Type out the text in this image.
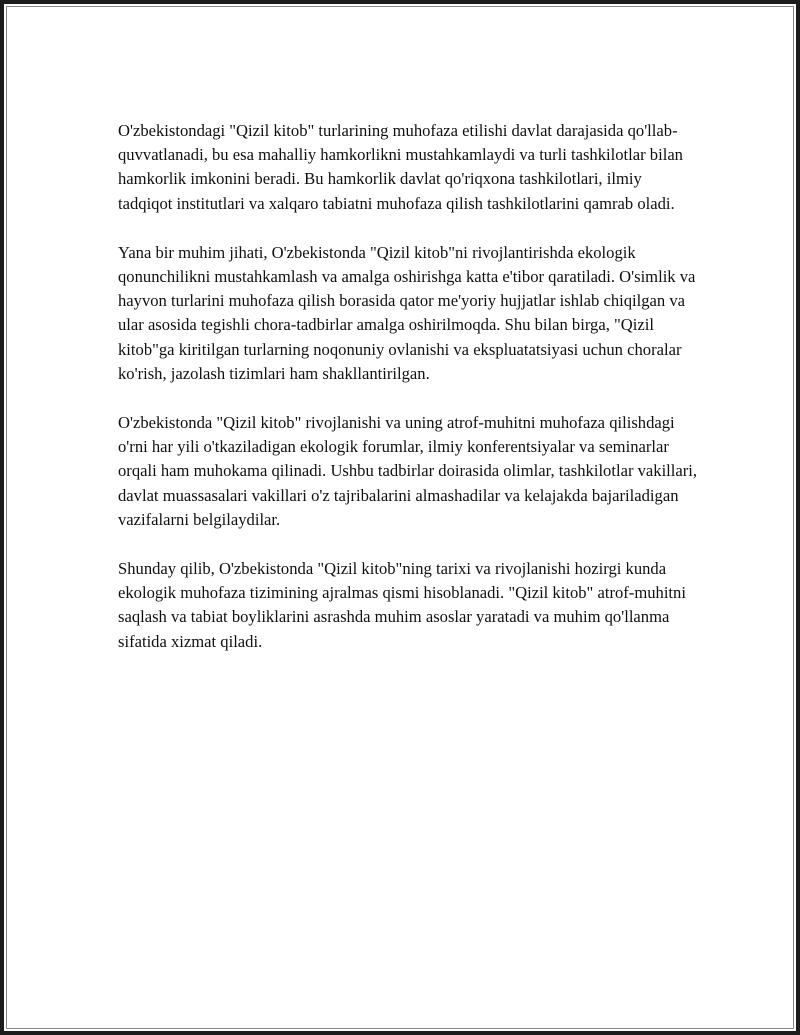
O'zbekistondagi "Qizil kitob" turlarining muhofaza etilishi davlat darajasida qo'llab-quvvatlanadi, bu esa mahalliy hamkorlikni mustahkamlaydi va turli tashkilotlar bilan hamkorlik imkonini beradi. Bu hamkorlik davlat qo'riqxona tashkilotlari, ilmiy tadqiqot institutlari va xalqaro tabiatni muhofaza qilish tashkilotlarini qamrab oladi.

Yana bir muhim jihati, O'zbekistonda "Qizil kitob"ni rivojlantirishda ekologik qonunchilikni mustahkamlash va amalga oshirishga katta e'tibor qaratiladi. O'simlik va hayvon turlarini muhofaza qilish borasida qator me'yoriy hujjatlar ishlab chiqilgan va ular asosida tegishli chora-tadbirlar amalga oshirilmoqda. Shu bilan birga, "Qizil kitob"ga kiritilgan turlarning noqonuniy ovlanishi va ekspluatatsiyasi uchun choralar ko'rish, jazolash tizimlari ham shakllantirilgan.

O'zbekistonda "Qizil kitob" rivojlanishi va uning atrof-muhitni muhofaza qilishdagi o'rni har yili o'tkaziladigan ekologik forumlar, ilmiy konferentsiyalar va seminarlar orqali ham muhokama qilinadi. Ushbu tadbirlar doirasida olimlar, tashkilotlar vakillari, davlat muassasalari vakillari o'z tajribalarini almashadilar va kelajakda bajariladigan vazifalarni belgilaydilar.

Shunday qilib, O'zbekistonda "Qizil kitob"ning tarixi va rivojlanishi hozirgi kunda ekologik muhofaza tizimining ajralmas qismi hisoblanadi. "Qizil kitob" atrof-muhitni saqlash va tabiat boyliklarini asrashda muhim asoslar yaratadi va muhim qo'llanma sifatida xizmat qiladi.
